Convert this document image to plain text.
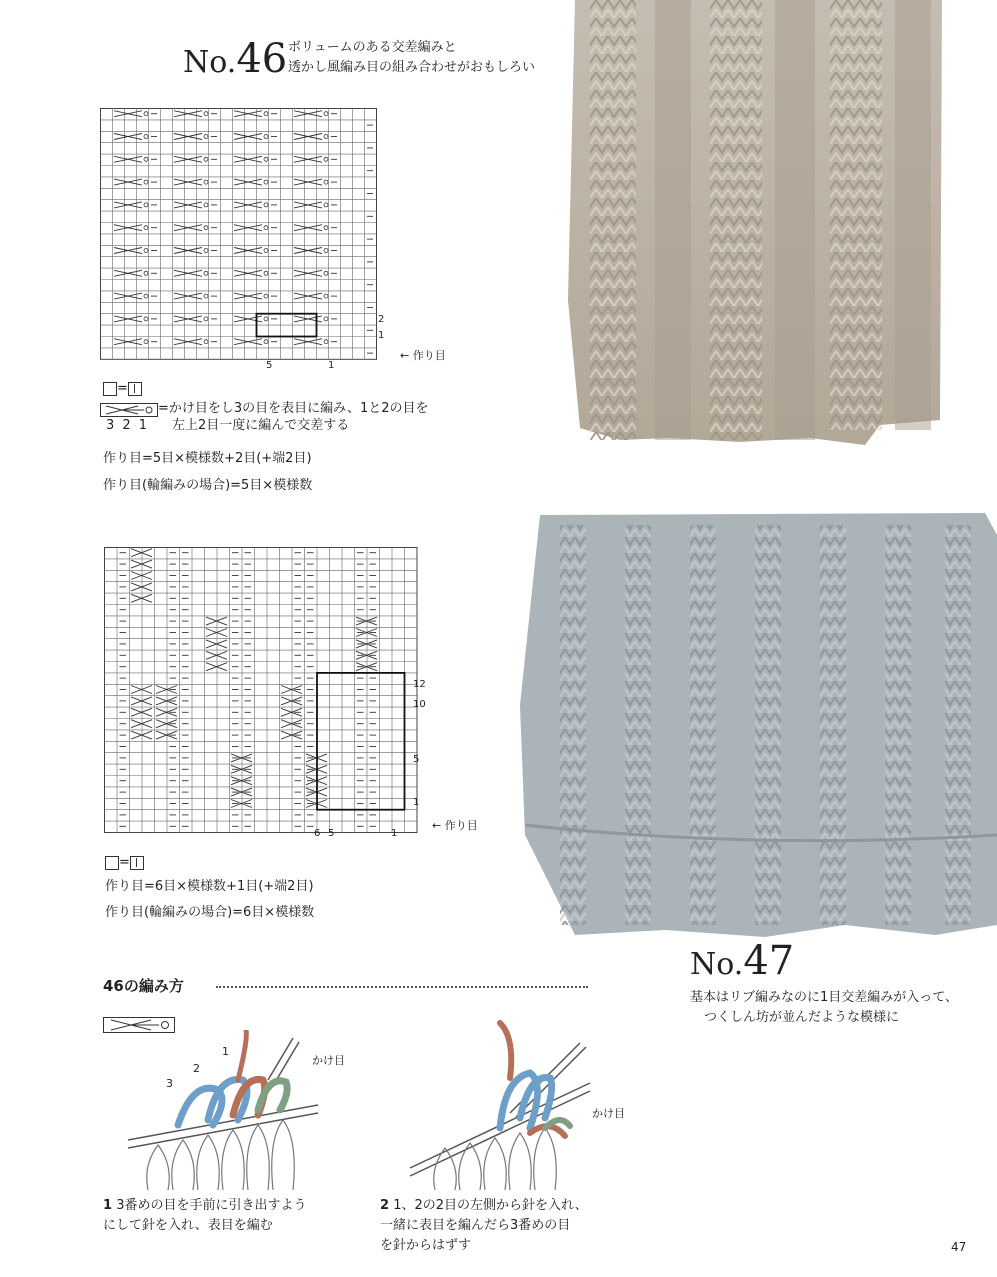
No.46 ボリュームのある交差編みと
透かし風編み目の組み合わせがおもしろい
2
1
5	1
← 作り目
=
=かけ目をし3の目を表目に編み、1と2の目を
3 2 1 左上2目一度に編んで交差する
作り目=5目×模様数+2目(+端2目)
作り目(輪編みの場合)=5目×模様数
12
10
5
1
6 5	1
← 作り目
=
作り目=6目×模様数+1目(+端2目)
作り目(輪編みの場合)=6目×模様数
No.47
基本はリブ編みなのに1目交差編みが入って、
つくしん坊が並んだような模様に
46の編み方
3
2
1
かけ目
かけ目
1 3番めの目を手前に引き出すよう
にして針を入れ、表目を編む
2 1、2の2目の左側から針を入れ、
一緒に表目を編んだら3番めの目
を針からはずす	47
